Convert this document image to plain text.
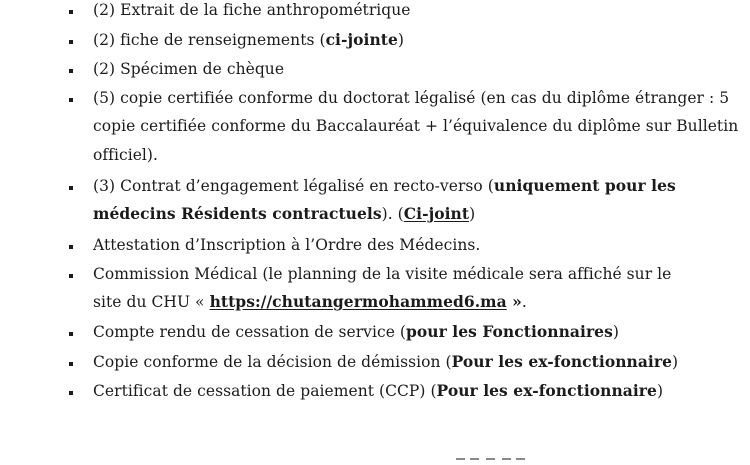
(2) Extrait de la fiche anthropométrique
(2) fiche de renseignements (ci-jointe)
(2) Spécimen de chèque
(5) copie certifiée conforme du doctorat légalisé (en cas du diplôme étranger : 5
copie certifiée conforme du Baccalauréat + l’équivalence du diplôme sur Bulletin
officiel).
(3) Contrat d’engagement légalisé en recto-verso (uniquement pour les
médecins Résidents contractuels). (Ci-joint)
Attestation d’Inscription à l’Ordre des Médecins.
Commission Médical (le planning de la visite médicale sera affiché sur le
site du CHU « https://chutangermohammed6.ma ».
Compte rendu de cessation de service (pour les Fonctionnaires)
Copie conforme de la décision de démission (Pour les ex-fonctionnaire)
Certificat de cessation de paiement (CCP) (Pour les ex-fonctionnaire)
